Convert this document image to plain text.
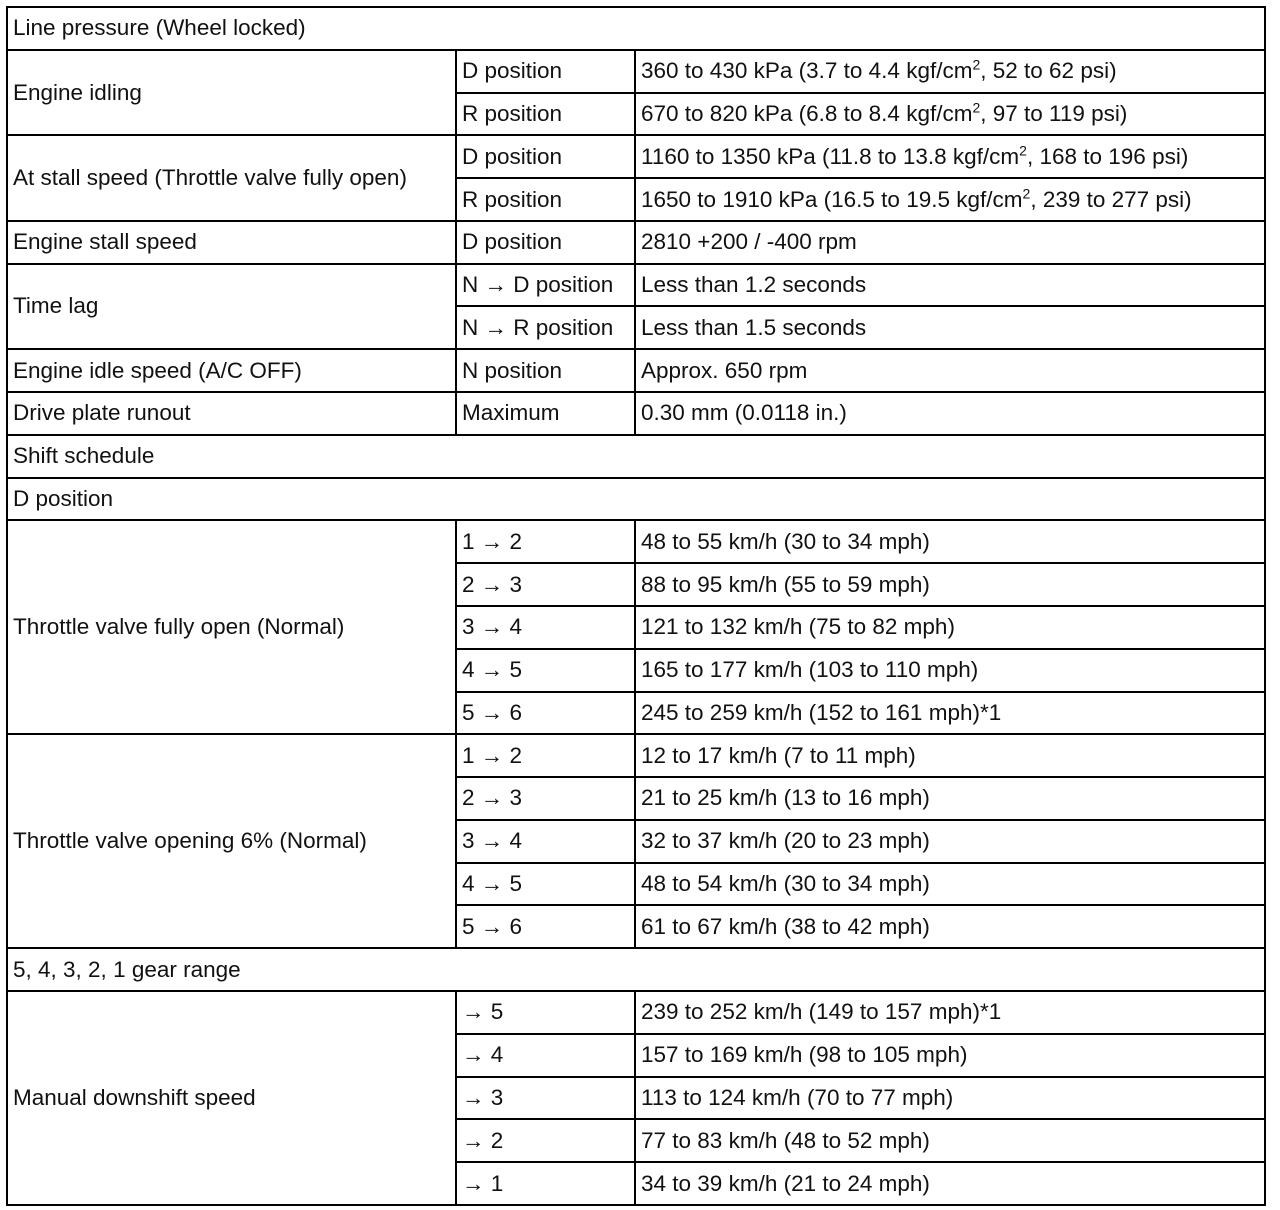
Line pressure (Wheel locked)		
Engine idling	D position	360 to 430 kPa (3.7 to 4.4 kgf/$cm^2$, 52 to 62 psi)
	R position	670 to 820 kPa (6.8 to 8.4 kgf/$cm^2$, 97 to 119 psi)
At stall speed (Throttle valve fully open)	D position	1160 to 1350 kPa (11.8 to 13.8 kgf/$cm^2$, 168 to 196 psi)
	R position	1650 to 1910 kPa (16.5 to 19.5 kgf/$cm^2$, 239 to 277 psi)
Engine stall speed	D position	2810 +200 / -400 rpm
Time lag	N → D position	Less than 1.2 seconds
	N → R position	Less than 1.5 seconds
Engine idle speed (A/C OFF)	N position	Approx. 650 rpm
Drive plate runout	Maximum	0.30 mm (0.0118 in.)
Shift schedule		
D position		
Throttle valve fully open (Normal)	1 → 2	48 to 55 km/h (30 to 34 mph)
	2 → 3	88 to 95 km/h (55 to 59 mph)
	3 → 4	121 to 132 km/h (75 to 82 mph)
	4 → 5	165 to 177 km/h (103 to 110 mph)
	5 → 6	245 to 259 km/h (152 to 161 mph)*1
Throttle valve opening 6% (Normal)	1 → 2	12 to 17 km/h (7 to 11 mph)
	2 → 3	21 to 25 km/h (13 to 16 mph)
	3 → 4	32 to 37 km/h (20 to 23 mph)
	4 → 5	48 to 54 km/h (30 to 34 mph)
	5 → 6	61 to 67 km/h (38 to 42 mph)
5, 4, 3, 2, 1 gear range		
Manual downshift speed	→ 5	239 to 252 km/h (149 to 157 mph)*1
	→ 4	157 to 169 km/h (98 to 105 mph)
	→ 3	113 to 124 km/h (70 to 77 mph)
	→ 2	77 to 83 km/h (48 to 52 mph)
	→ 1	34 to 39 km/h (21 to 24 mph)
